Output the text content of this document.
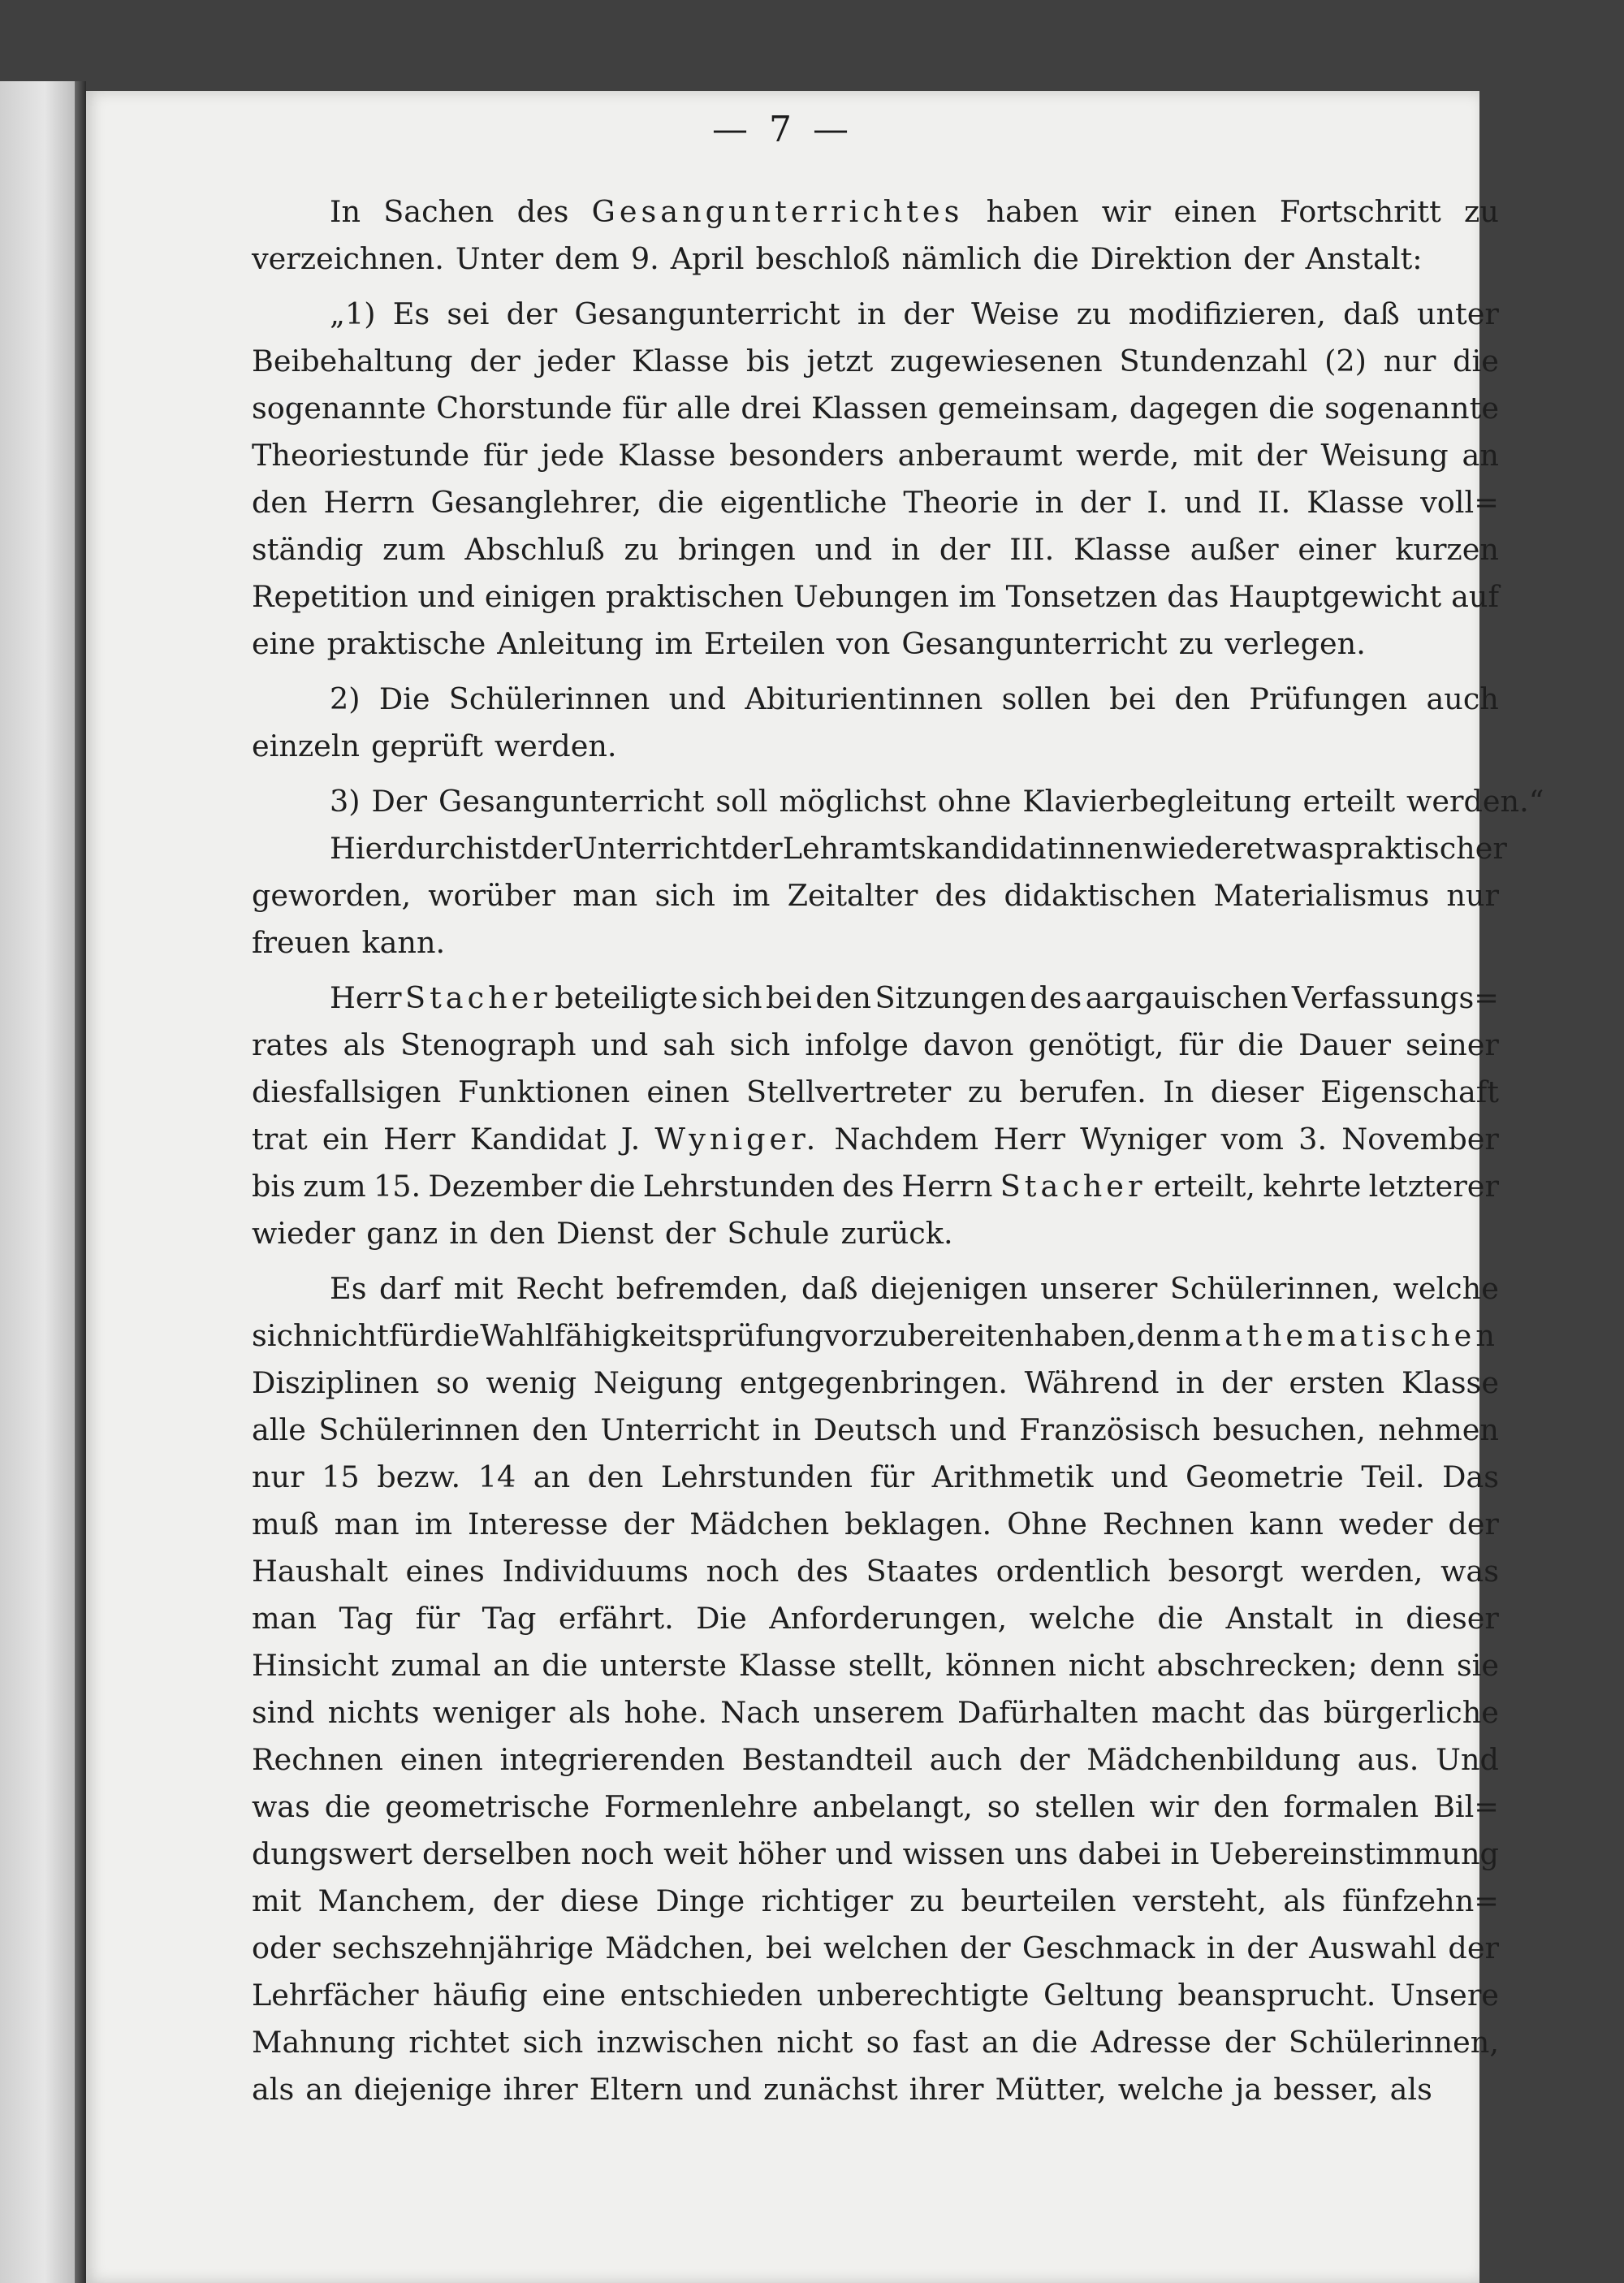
— 7 —
In Sachen des Gesangunterrichtes haben wir einen Fortschritt zu
verzeichnen. Unter dem 9. April beschloß nämlich die Direktion der Anstalt:
„1) Es sei der Gesangunterricht in der Weise zu modifizieren, daß unter
Beibehaltung der jeder Klasse bis jetzt zugewiesenen Stundenzahl (2) nur die
sogenannte Chorstunde für alle drei Klassen gemeinsam, dagegen die sogenannte
Theoriestunde für jede Klasse besonders anberaumt werde, mit der Weisung an
den Herrn Gesanglehrer, die eigentliche Theorie in der I. und II. Klasse voll=
ständig zum Abschluß zu bringen und in der III. Klasse außer einer kurzen
Repetition und einigen praktischen Uebungen im Tonsetzen das Hauptgewicht auf
eine praktische Anleitung im Erteilen von Gesangunterricht zu verlegen.
2) Die Schülerinnen und Abiturientinnen sollen bei den Prüfungen auch
einzeln geprüft werden.
3) Der Gesangunterricht soll möglichst ohne Klavierbegleitung erteilt werden.“
Hierdurch ist der Unterricht der Lehramtskandidatinnen wieder etwas praktischer
geworden, worüber man sich im Zeitalter des didaktischen Materialismus nur
freuen kann.
Herr Stacher beteiligte sich bei den Sitzungen des aargauischen Verfassungs=
rates als Stenograph und sah sich infolge davon genötigt, für die Dauer seiner
diesfallsigen Funktionen einen Stellvertreter zu berufen. In dieser Eigenschaft
trat ein Herr Kandidat J. Wyniger. Nachdem Herr Wyniger vom 3. November
bis zum 15. Dezember die Lehrstunden des Herrn Stacher erteilt, kehrte letzterer
wieder ganz in den Dienst der Schule zurück.
Es darf mit Recht befremden, daß diejenigen unserer Schülerinnen, welche
sich nicht für die Wahlfähigkeitsprüfung vorzubereiten haben, den mathematischen
Disziplinen so wenig Neigung entgegenbringen. Während in der ersten Klasse
alle Schülerinnen den Unterricht in Deutsch und Französisch besuchen, nehmen
nur 15 bezw. 14 an den Lehrstunden für Arithmetik und Geometrie Teil. Das
muß man im Interesse der Mädchen beklagen. Ohne Rechnen kann weder der
Haushalt eines Individuums noch des Staates ordentlich besorgt werden, was
man Tag für Tag erfährt. Die Anforderungen, welche die Anstalt in dieser
Hinsicht zumal an die unterste Klasse stellt, können nicht abschrecken; denn sie
sind nichts weniger als hohe. Nach unserem Dafürhalten macht das bürgerliche
Rechnen einen integrierenden Bestandteil auch der Mädchenbildung aus. Und
was die geometrische Formenlehre anbelangt, so stellen wir den formalen Bil=
dungswert derselben noch weit höher und wissen uns dabei in Uebereinstimmung
mit Manchem, der diese Dinge richtiger zu beurteilen versteht, als fünfzehn=
oder sechszehnjährige Mädchen, bei welchen der Geschmack in der Auswahl der
Lehrfächer häufig eine entschieden unberechtigte Geltung beansprucht. Unsere
Mahnung richtet sich inzwischen nicht so fast an die Adresse der Schülerinnen,
als an diejenige ihrer Eltern und zunächst ihrer Mütter, welche ja besser, als
